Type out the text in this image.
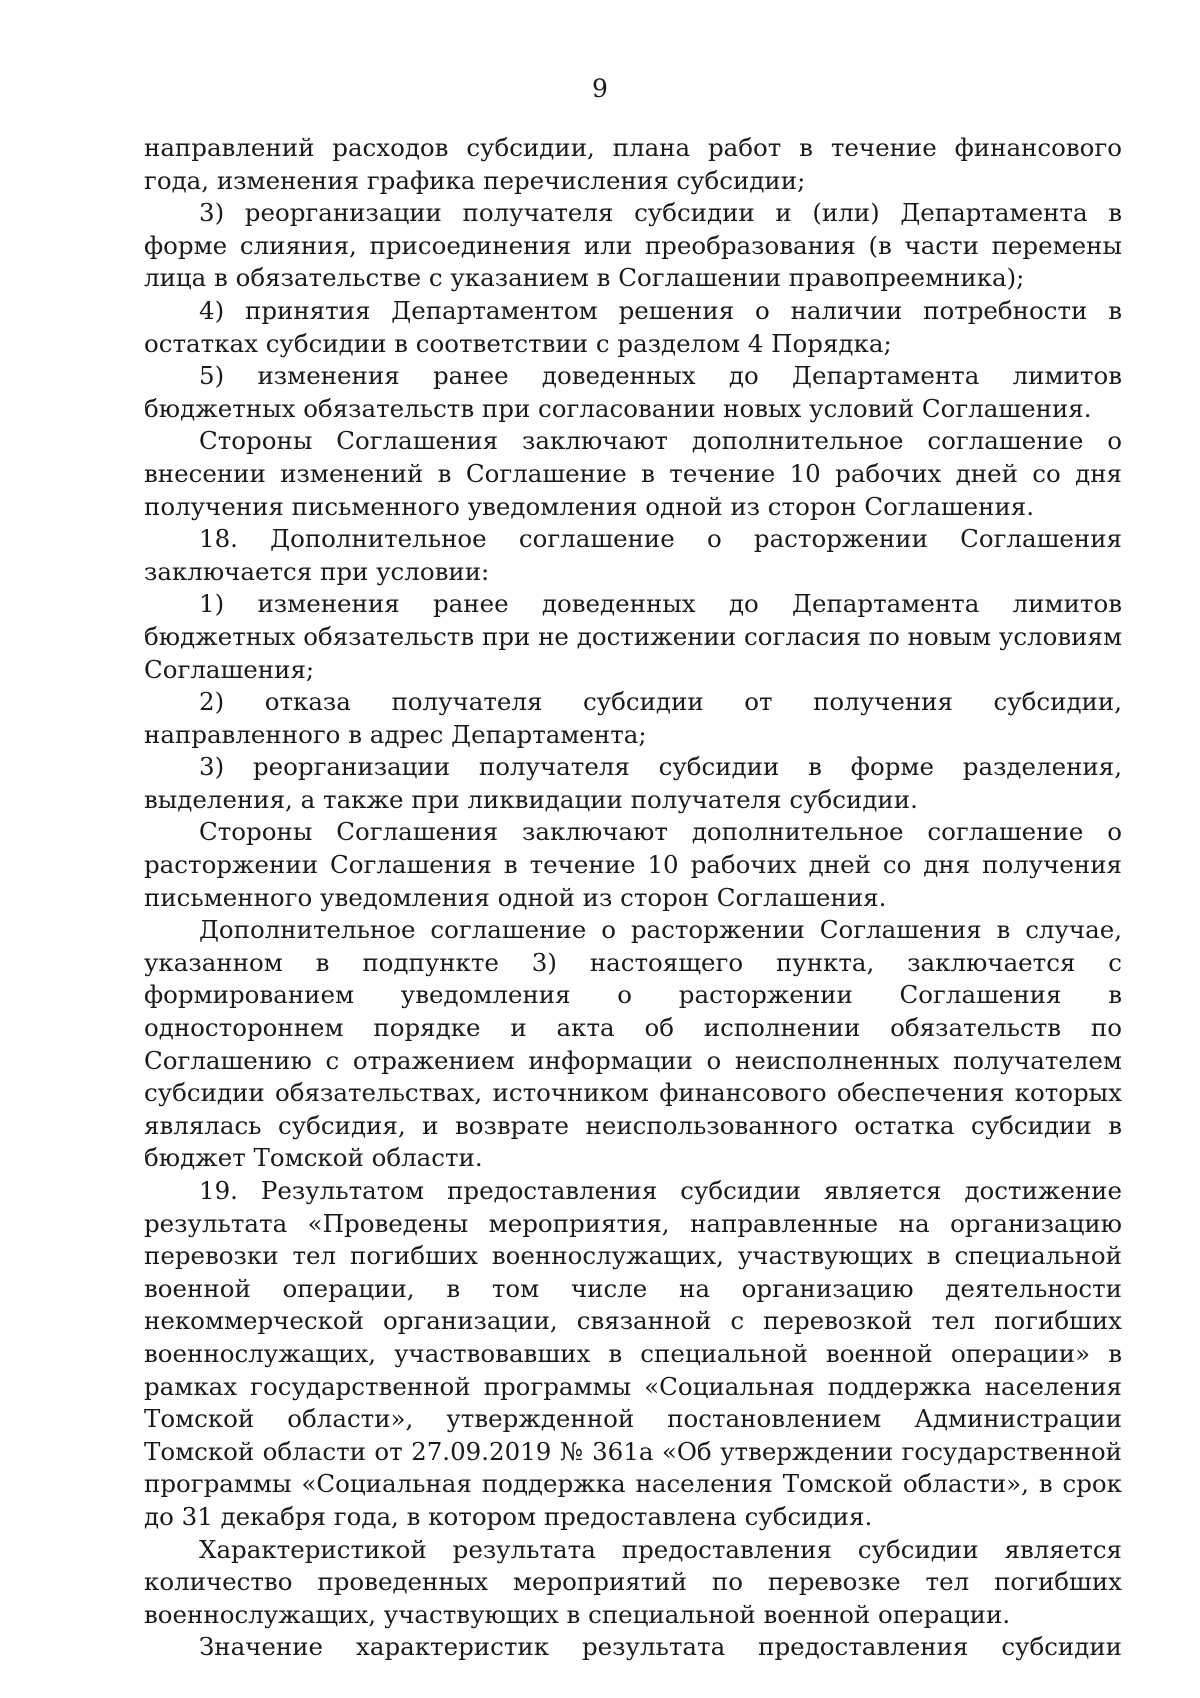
9

направлений расходов субсидии, плана работ в течение финансового года, изменения графика перечисления субсидии;

3) реорганизации получателя субсидии и (или) Департамента в форме слияния, присоединения или преобразования (в части перемены лица в обязательстве с указанием в Соглашении правопреемника);

4) принятия Департаментом решения о наличии потребности в остатках субсидии в соответствии с разделом 4 Порядка;

5) изменения ранее доведенных до Департамента лимитов бюджетных обязательств при согласовании новых условий Соглашения.

Стороны Соглашения заключают дополнительное соглашение о внесении изменений в Соглашение в течение 10 рабочих дней со дня получения письменного уведомления одной из сторон Соглашения.

18. Дополнительное соглашение о расторжении Соглашения заключается при условии:

1) изменения ранее доведенных до Департамента лимитов бюджетных обязательств при не достижении согласия по новым условиям Соглашения;

2) отказа получателя субсидии от получения субсидии, направленного в адрес Департамента;

3) реорганизации получателя субсидии в форме разделения, выделения, а также при ликвидации получателя субсидии.

Стороны Соглашения заключают дополнительное соглашение о расторжении Соглашения в течение 10 рабочих дней со дня получения письменного уведомления одной из сторон Соглашения.

Дополнительное соглашение о расторжении Соглашения в случае, указанном в подпункте 3) настоящего пункта, заключается с формированием уведомления о расторжении Соглашения в одностороннем порядке и акта об исполнении обязательств по Соглашению с отражением информации о неисполненных получателем субсидии обязательствах, источником финансового обеспечения которых являлась субсидия, и возврате неиспользованного остатка субсидии в бюджет Томской области.

19. Результатом предоставления субсидии является достижение результата «Проведены мероприятия, направленные на организацию перевозки тел погибших военнослужащих, участвующих в специальной военной операции, в том числе на организацию деятельности некоммерческой организации, связанной с перевозкой тел погибших военнослужащих, участвовавших в специальной военной операции» в рамках государственной программы «Социальная поддержка населения Томской области», утвержденной постановлением Администрации Томской области от 27.09.2019 № 361а «Об утверждении государственной программы «Социальная поддержка населения Томской области», в срок до 31 декабря года, в котором предоставлена субсидия.

Характеристикой результата предоставления субсидии является количество проведенных мероприятий по перевозке тел погибших военнослужащих, участвующих в специальной военной операции.

Значение характеристик результата предоставления субсидии
